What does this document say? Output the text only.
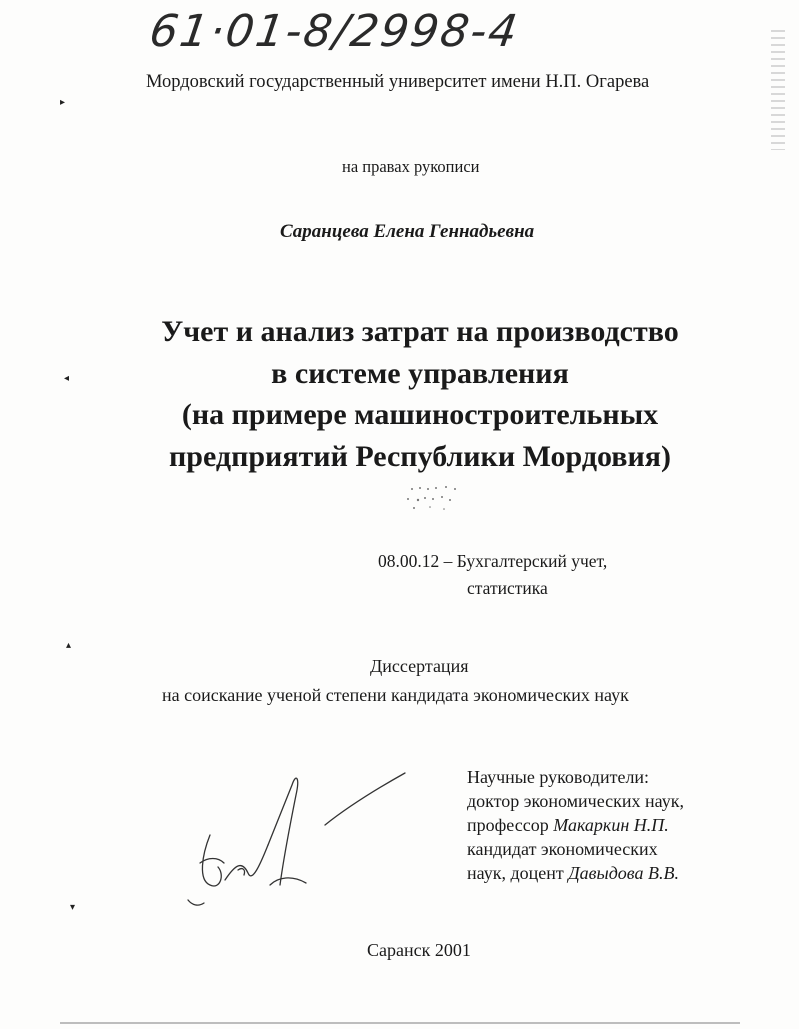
61·01-8/2998-4
Мордовский государственный университет имени Н.П. Огарева
на правах рукописи
Саранцева Елена Геннадьевна
Учет и анализ затрат на производство
в системе управления
(на примере машиностроительных
предприятий Республики Мордовия)
08.00.12 – Бухгалтерский учет,
статистика
Диссертация
на соискание ученой степени кандидата экономических наук
Научные руководители:
доктор экономических наук,
профессор Макаркин Н.П.
кандидат экономических
наук, доцент Давыдова В.В.
Саранск 2001
▸
◂
▴
▾
